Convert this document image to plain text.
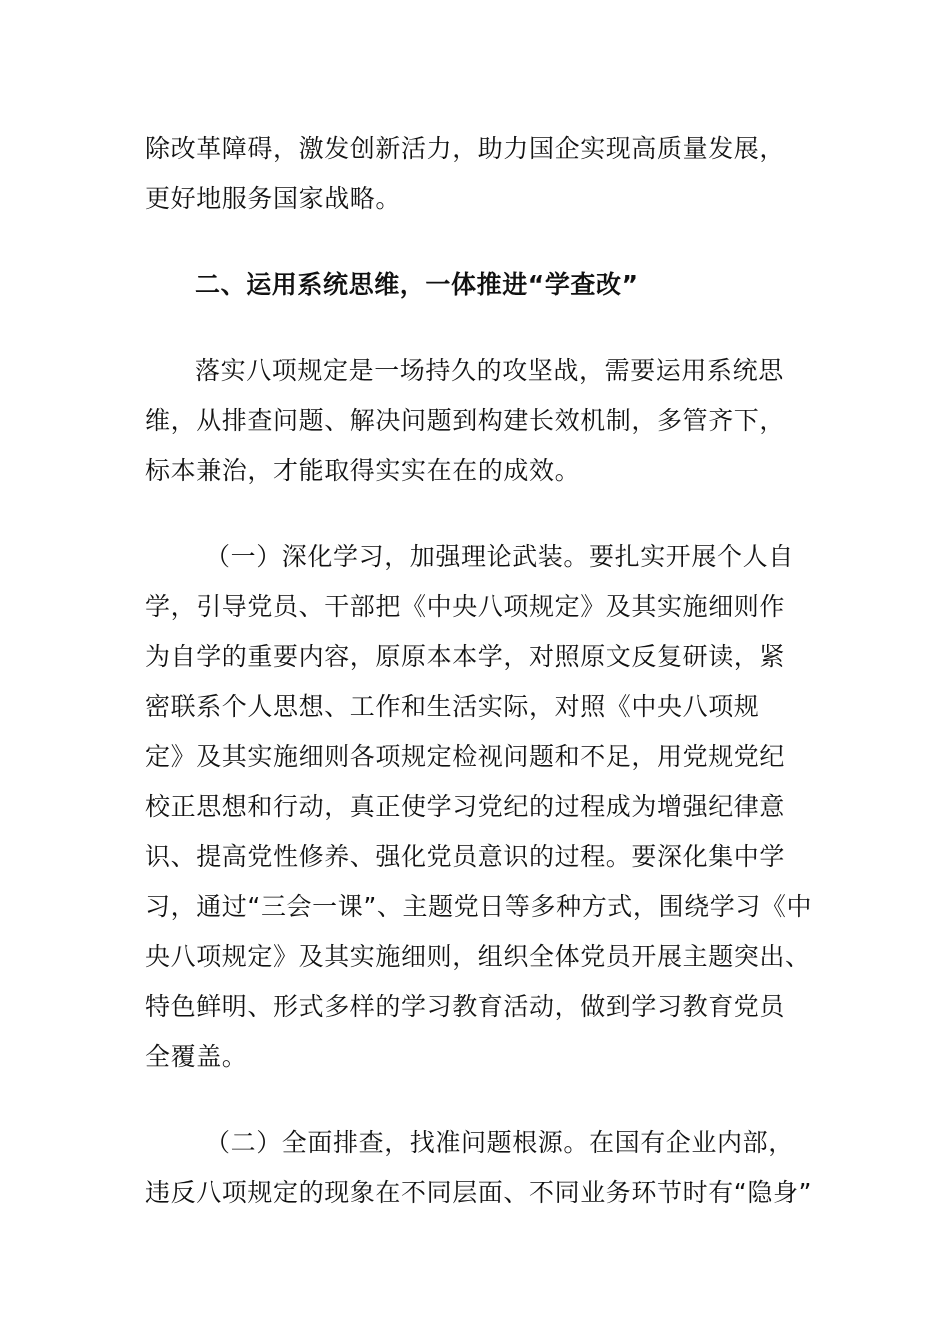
除改革障碍，激发创新活力，助力国企实现高质量发展，
更好地服务国家战略。
二、运用系统思维，一体推进“学查改”
落实八项规定是一场持久的攻坚战，需要运用系统思
维，从排查问题、解决问题到构建长效机制，多管齐下，
标本兼治，才能取得实实在在的成效。
（一）深化学习，加强理论武装。要扎实开展个人自
学，引导党员、干部把《中央八项规定》及其实施细则作
为自学的重要内容，原原本本学，对照原文反复研读，紧
密联系个人思想、工作和生活实际，对照《中央八项规
定》及其实施细则各项规定检视问题和不足，用党规党纪
校正思想和行动，真正使学习党纪的过程成为增强纪律意
识、提高党性修养、强化党员意识的过程。要深化集中学
习，通过“三会一课”、主题党日等多种方式，围绕学习《中
央八项规定》及其实施细则，组织全体党员开展主题突出、
特色鲜明、形式多样的学习教育活动，做到学习教育党员
全覆盖。
（二）全面排查，找准问题根源。在国有企业内部，
违反八项规定的现象在不同层面、不同业务环节时有“隐身”
